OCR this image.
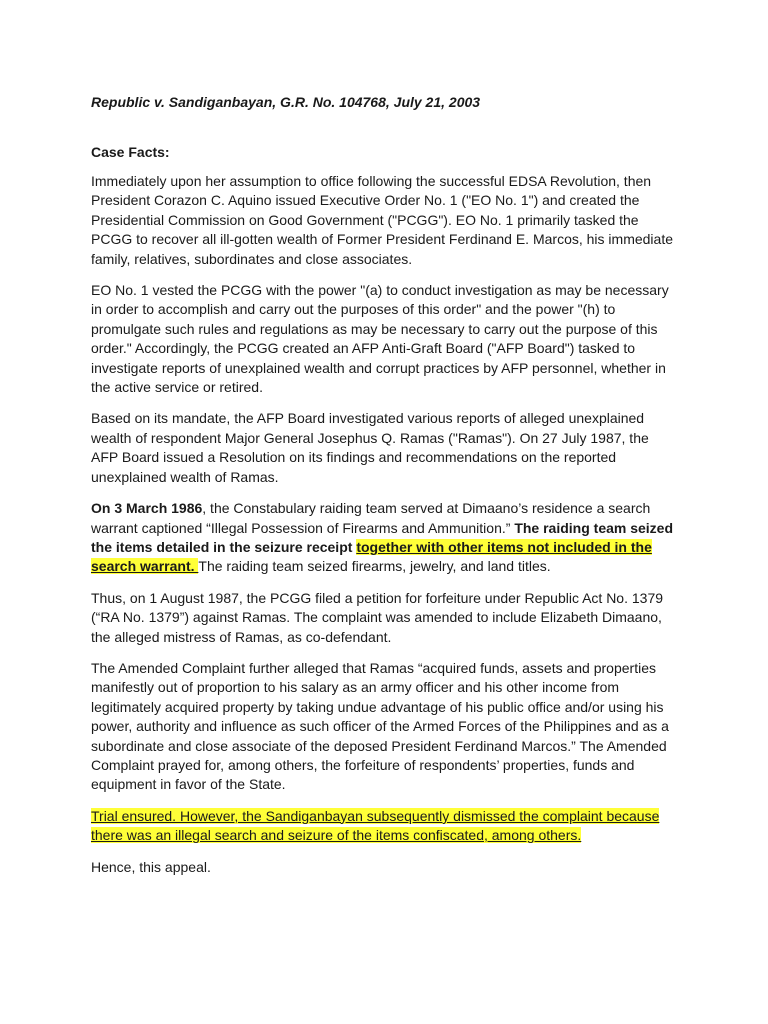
Republic v. Sandiganbayan, G.R. No. 104768, July 21, 2003
Case Facts:

Immediately upon her assumption to office following the successful EDSA Revolution, then President Corazon C. Aquino issued Executive Order No. 1 ("EO No. 1") and created the Presidential Commission on Good Government ("PCGG"). EO No. 1 primarily tasked the PCGG to recover all ill-gotten wealth of Former President Ferdinand E. Marcos, his immediate family, relatives, subordinates and close associates.

EO No. 1 vested the PCGG with the power "(a) to conduct investigation as may be necessary in order to accomplish and carry out the purposes of this order" and the power "(h) to promulgate such rules and regulations as may be necessary to carry out the purpose of this order." Accordingly, the PCGG created an AFP Anti-Graft Board ("AFP Board") tasked to investigate reports of unexplained wealth and corrupt practices by AFP personnel, whether in the active service or retired.

Based on its mandate, the AFP Board investigated various reports of alleged unexplained wealth of respondent Major General Josephus Q. Ramas ("Ramas"). On 27 July 1987, the AFP Board issued a Resolution on its findings and recommendations on the reported unexplained wealth of Ramas.

On 3 March 1986, the Constabulary raiding team served at Dimaano’s residence a search warrant captioned “Illegal Possession of Firearms and Ammunition.” The raiding team seized the items detailed in the seizure receipt together with other items not included in the search warrant. The raiding team seized firearms, jewelry, and land titles.

Thus, on 1 August 1987, the PCGG filed a petition for forfeiture under Republic Act No. 1379 (“RA No. 1379”) against Ramas. The complaint was amended to include Elizabeth Dimaano, the alleged mistress of Ramas, as co-defendant.

The Amended Complaint further alleged that Ramas “acquired funds, assets and properties manifestly out of proportion to his salary as an army officer and his other income from legitimately acquired property by taking undue advantage of his public office and/or using his power, authority and influence as such officer of the Armed Forces of the Philippines and as a subordinate and close associate of the deposed President Ferdinand Marcos.” The Amended Complaint prayed for, among others, the forfeiture of respondents’ properties, funds and equipment in favor of the State.

Trial ensured. However, the Sandiganbayan subsequently dismissed the complaint because there was an illegal search and seizure of the items confiscated, among others.

Hence, this appeal.
